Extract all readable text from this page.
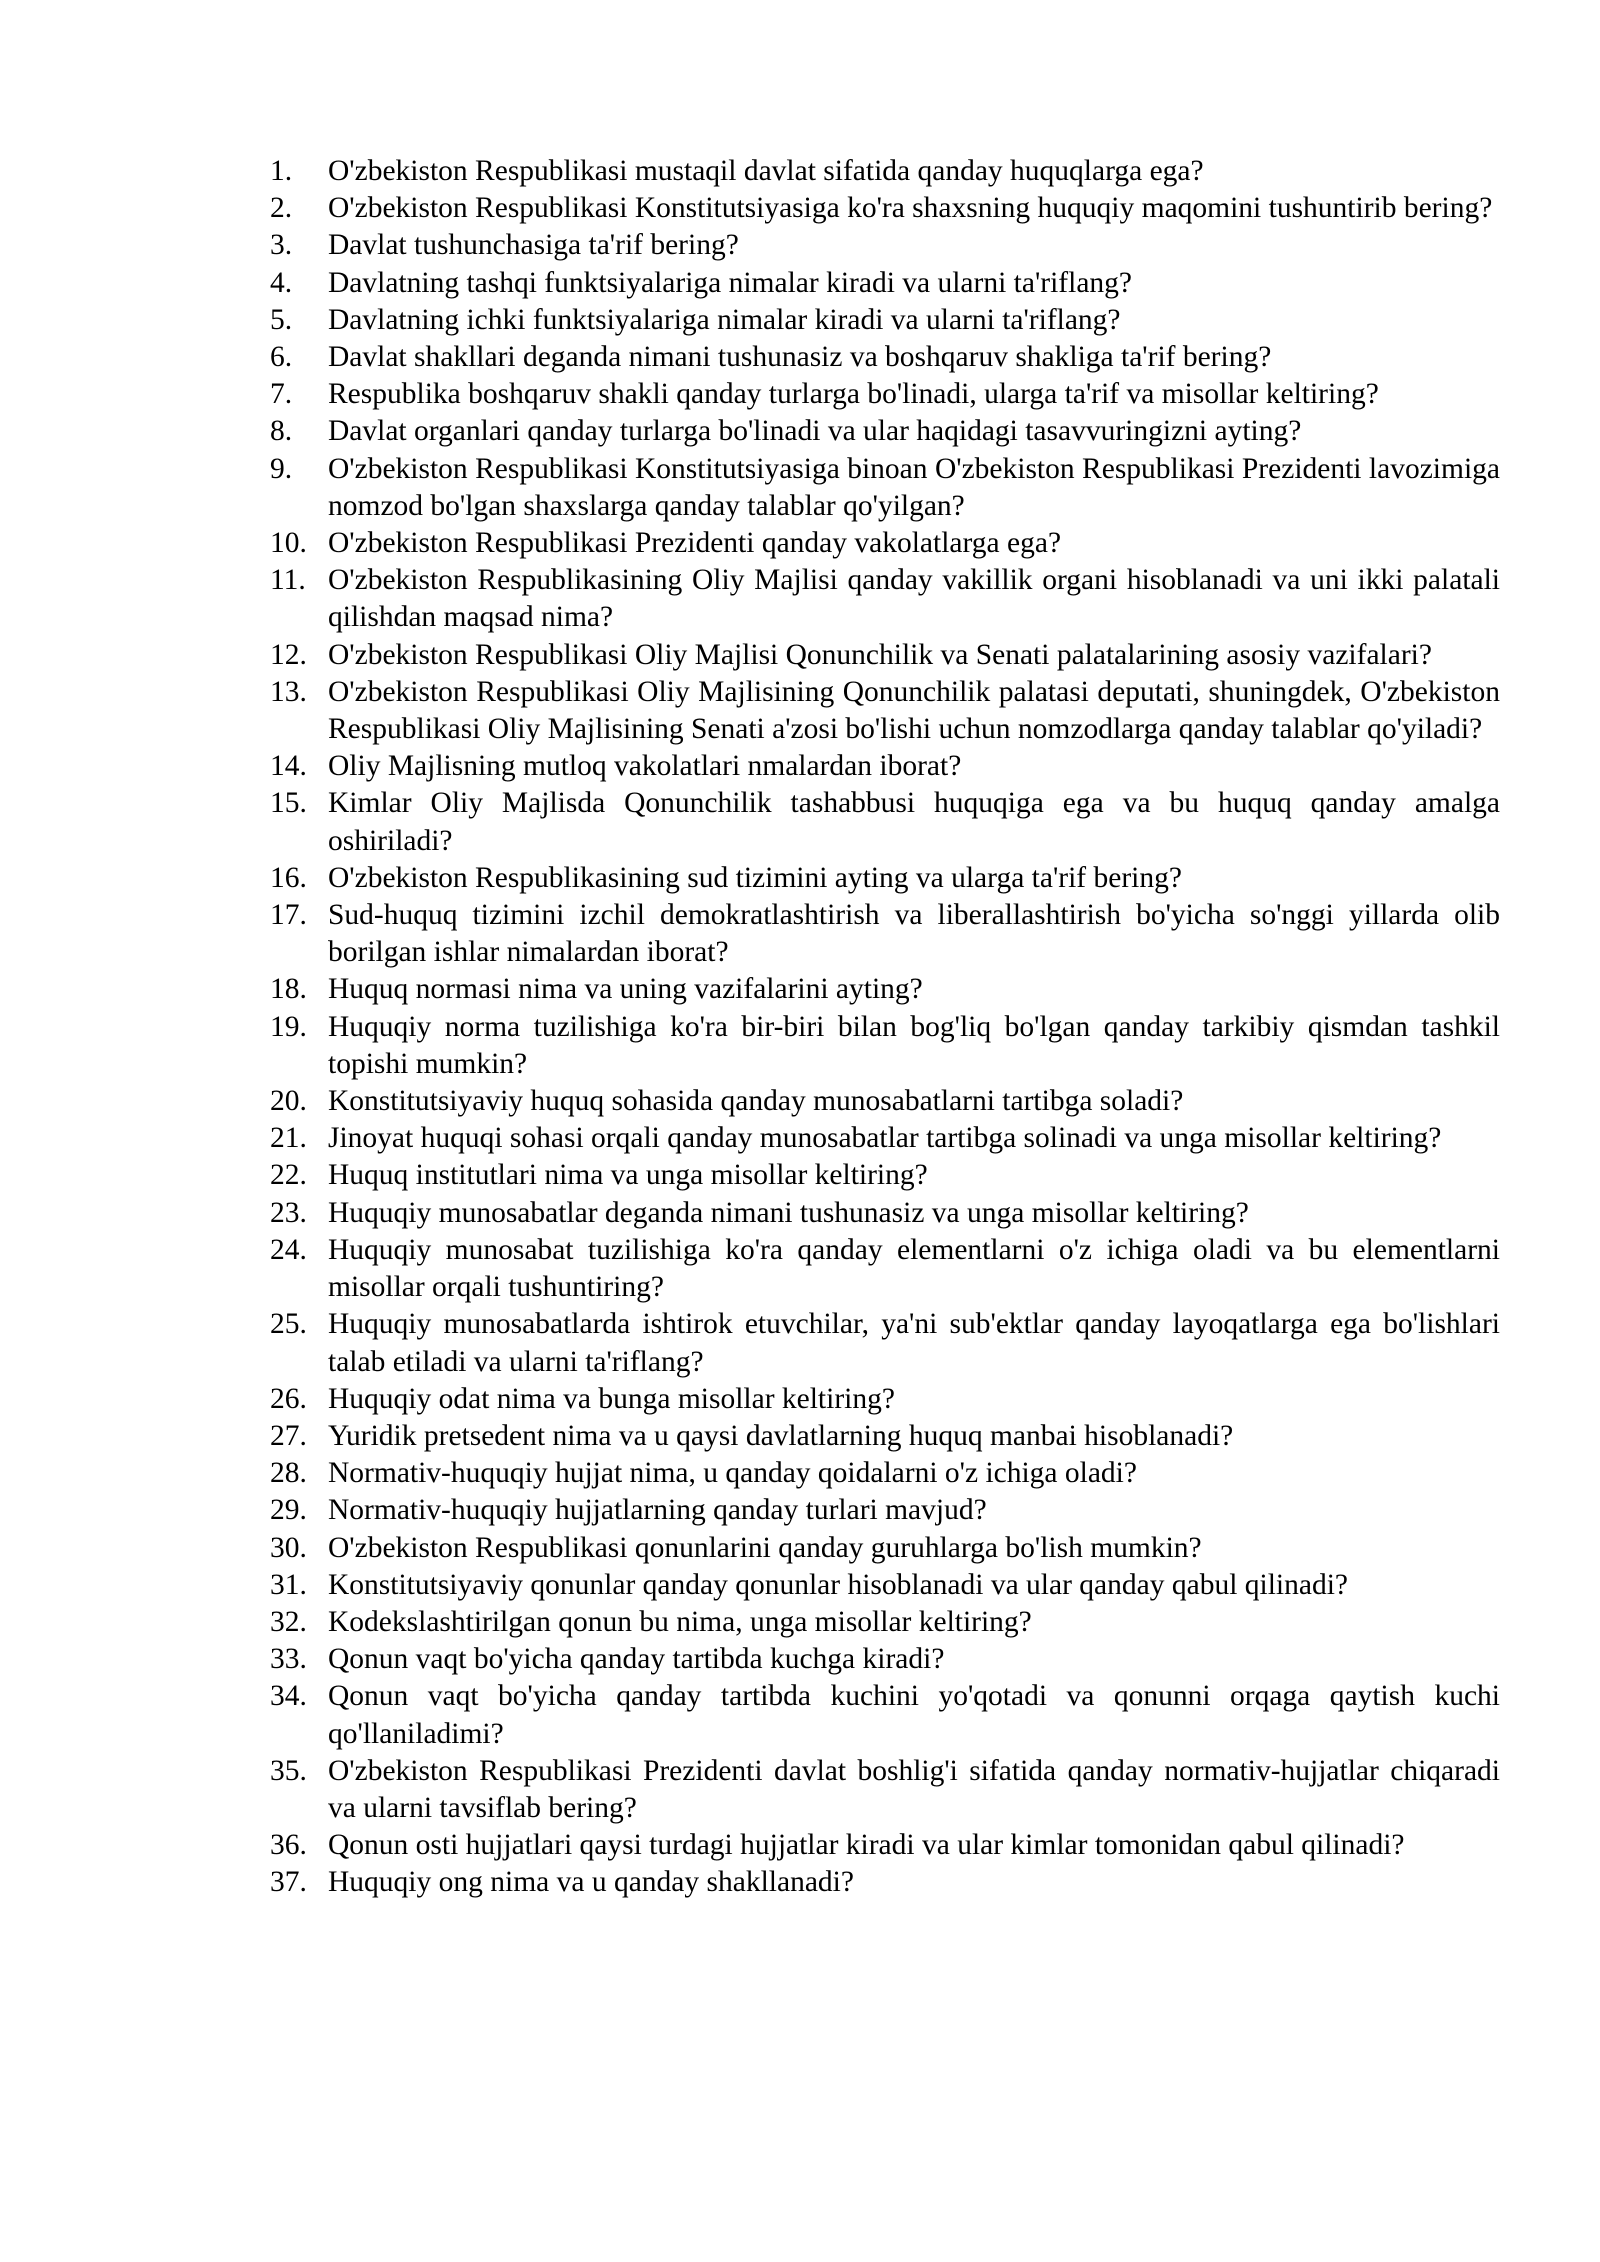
1.	O'zbekiston Respublikasi mustaqil davlat sifatida qanday huquqlarga ega?
2.	O'zbekiston Respublikasi Konstitutsiyasiga ko'ra shaxsning huquqiy maqomini tushuntirib bering?
3.	Davlat tushunchasiga ta'rif bering?
4.	Davlatning tashqi funktsiyalariga nimalar kiradi va ularni ta'riflang?
5.	Davlatning ichki funktsiyalariga nimalar kiradi va ularni ta'riflang?
6.	Davlat shakllari deganda nimani tushunasiz va boshqaruv shakliga ta'rif bering?
7.	Respublika boshqaruv shakli qanday turlarga bo'linadi, ularga ta'rif va misollar keltiring?
8.	Davlat organlari qanday turlarga bo'linadi va ular haqidagi tasavvuringizni ayting?
9.	O'zbekiston Respublikasi Konstitutsiyasiga binoan O'zbekiston Respublikasi Prezidenti lavozimiga nomzod bo'lgan shaxslarga qanday talablar qo'yilgan?
10. O'zbekiston Respublikasi Prezidenti qanday vakolatlarga ega?
11. O'zbekiston Respublikasining Oliy Majlisi qanday vakillik organi hisoblanadi va uni ikki palatali qilishdan maqsad nima?
12. O'zbekiston Respublikasi Oliy Majlisi Qonunchilik va Senati palatalarining asosiy vazifalari?
13. O'zbekiston Respublikasi Oliy Majlisining Qonunchilik palatasi deputati, shuningdek, O'zbekiston Respublikasi Oliy Majlisining Senati a'zosi bo'lishi uchun nomzodlarga qanday talablar qo'yiladi?
14. Oliy Majlisning mutloq vakolatlari nmalardan iborat?
15. Kimlar Oliy Majlisda Qonunchilik tashabbusi huquqiga ega va bu huquq qanday amalga oshiriladi?
16. O'zbekiston Respublikasining sud tizimini ayting va ularga ta'rif bering?
17. Sud-huquq tizimini izchil demokratlashtirish va liberallashtirish bo'yicha so'nggi yillarda olib borilgan ishlar nimalardan iborat?
18. Huquq normasi nima va uning vazifalarini ayting?
19. Huquqiy norma tuzilishiga ko'ra bir-biri bilan bog'liq bo'lgan qanday tarkibiy qismdan tashkil topishi mumkin?
20. Konstitutsiyaviy huquq sohasida qanday munosabatlarni tartibga soladi?
21. Jinoyat huquqi sohasi orqali qanday munosabatlar tartibga solinadi va unga misollar keltiring?
22. Huquq institutlari nima va unga misollar keltiring?
23. Huquqiy munosabatlar deganda nimani tushunasiz va unga misollar keltiring?
24. Huquqiy munosabat tuzilishiga ko'ra qanday elementlarni o'z ichiga oladi va bu elementlarni misollar orqali tushuntiring?
25. Huquqiy munosabatlarda ishtirok etuvchilar, ya'ni sub'ektlar qanday layoqatlarga ega bo'lishlari talab etiladi va ularni ta'riflang?
26. Huquqiy odat nima va bunga misollar keltiring?
27. Yuridik pretsedent nima va u qaysi davlatlarning huquq manbai hisoblanadi?
28. Normativ-huquqiy hujjat nima, u qanday qoidalarni o'z ichiga oladi?
29. Normativ-huquqiy hujjatlarning qanday turlari mavjud?
30. O'zbekiston Respublikasi qonunlarini qanday guruhlarga bo'lish mumkin?
31. Konstitutsiyaviy qonunlar qanday qonunlar hisoblanadi va ular qanday qabul qilinadi?
32. Kodekslashtirilgan qonun bu nima, unga misollar keltiring?
33. Qonun vaqt bo'yicha qanday tartibda kuchga kiradi?
34. Qonun vaqt bo'yicha qanday tartibda kuchini yo'qotadi va qonunni orqaga qaytish kuchi qo'llaniladimi?
35. O'zbekiston Respublikasi Prezidenti davlat boshlig'i sifatida qanday normativ-hujjatlar chiqaradi va ularni tavsiflab bering?
36. Qonun osti hujjatlari qaysi turdagi hujjatlar kiradi va ular kimlar tomonidan qabul qilinadi?
37. Huquqiy ong nima va u qanday shakllanadi?
